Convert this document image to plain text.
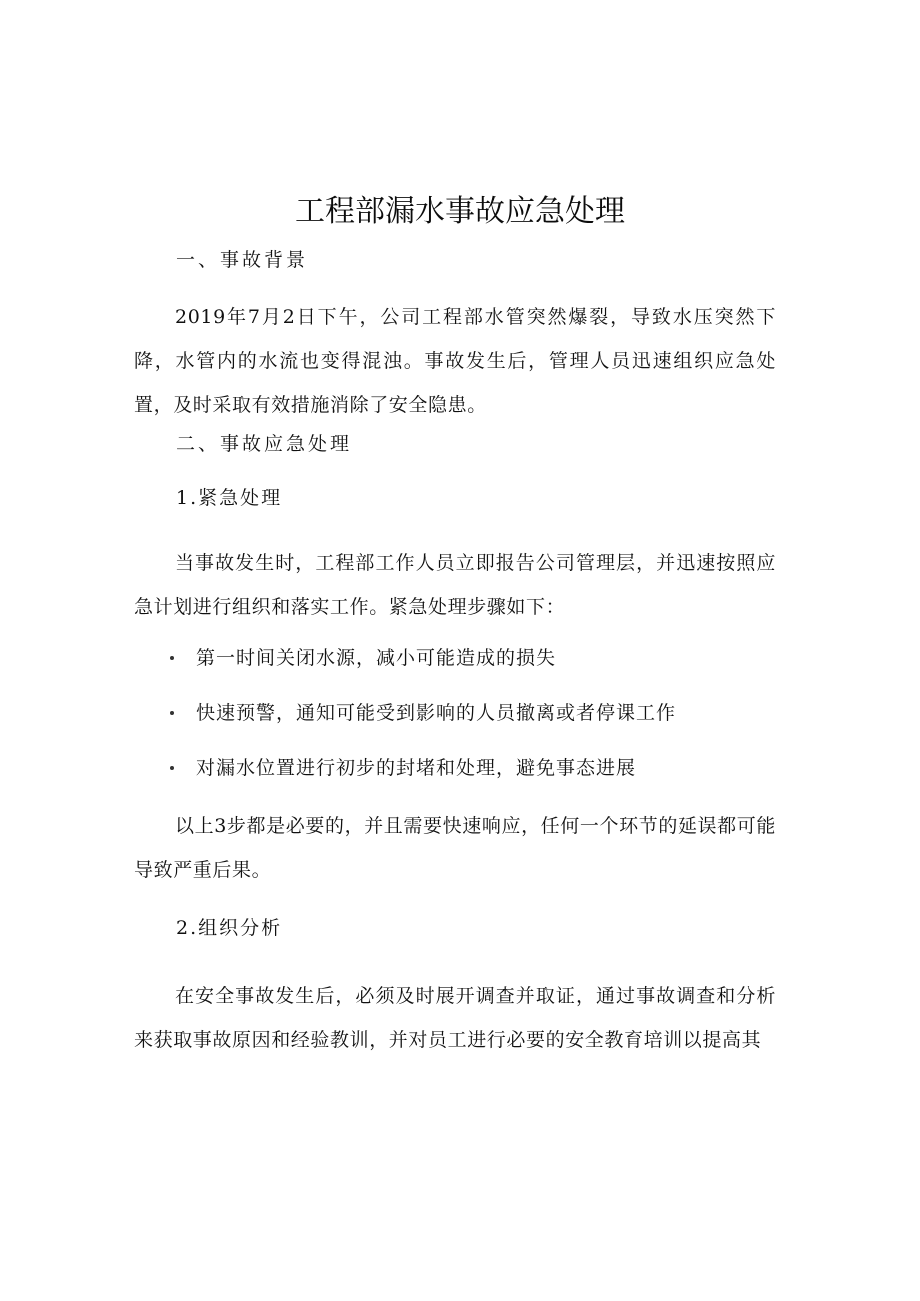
工程部漏水事故应急处理
一、事故背景
2019年7月2日下午，公司工程部水管突然爆裂，导致水压突然下降，水管内的水流也变得混浊。事故发生后，管理人员迅速组织应急处置，及时采取有效措施消除了安全隐患。
二、事故应急处理
1.紧急处理
当事故发生时，工程部工作人员立即报告公司管理层，并迅速按照应急计划进行组织和落实工作。紧急处理步骤如下：
第一时间关闭水源，减小可能造成的损失
快速预警，通知可能受到影响的人员撤离或者停课工作
对漏水位置进行初步的封堵和处理，避免事态进展
以上3步都是必要的，并且需要快速响应，任何一个环节的延误都可能导致严重后果。
2.组织分析
在安全事故发生后，必须及时展开调查并取证，通过事故调查和分析来获取事故原因和经验教训，并对员工进行必要的安全教育培训以提高其
